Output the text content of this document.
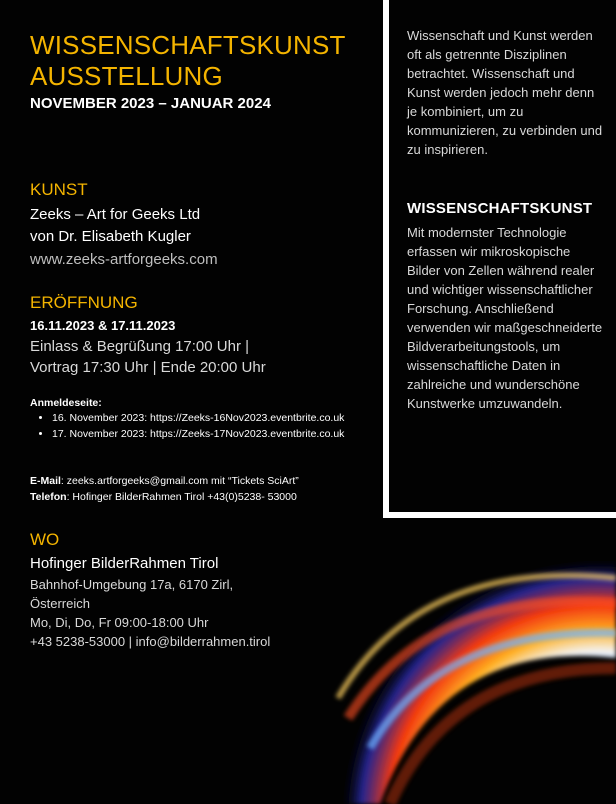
WISSENSCHAFTSKUNST
AUSSTELLUNG

NOVEMBER 2023 – JANUAR 2024

KUNST

Zeeks – Art for Geeks Ltd

von Dr. Elisabeth Kugler

www.zeeks-artforgeeks.com

ERÖFFNUNG

16.11.2023 & 17.11.2023

Einlass & Begrüßung 17:00 Uhr |

Vortrag 17:30 Uhr | Ende 20:00 Uhr

Anmeldeseite:

• 16. November 2023: https://Zeeks-16Nov2023.eventbrite.co.uk
• 17. November 2023: https://Zeeks-17Nov2023.eventbrite.co.uk

E-Mail: zeeks.artforgeeks@gmail.com mit “Tickets SciArt”

Telefon: Hofinger BilderRahmen Tirol +43(0)5238- 53000

WO

Hofinger BilderRahmen Tirol

Bahnhof-Umgebung 17a, 6170 Zirl,

Österreich

Mo, Di, Do, Fr 09:00-18:00 Uhr

+43 5238-53000 | info@bilderrahmen.tirol

Wissenschaft und Kunst werden oft als getrennte Disziplinen betrachtet. Wissenschaft und Kunst werden jedoch mehr denn je kombiniert, um zu kommunizieren, zu verbinden und zu inspirieren.

WISSENSCHAFTSKUNST

Mit modernster Technologie erfassen wir mikroskopische Bilder von Zellen während realer und wichtiger wissenschaftlicher Forschung. Anschließend verwenden wir maßgeschneiderte Bildverarbeitungstools, um wissenschaftliche Daten in zahlreiche und wunderschöne Kunstwerke umzuwandeln.
